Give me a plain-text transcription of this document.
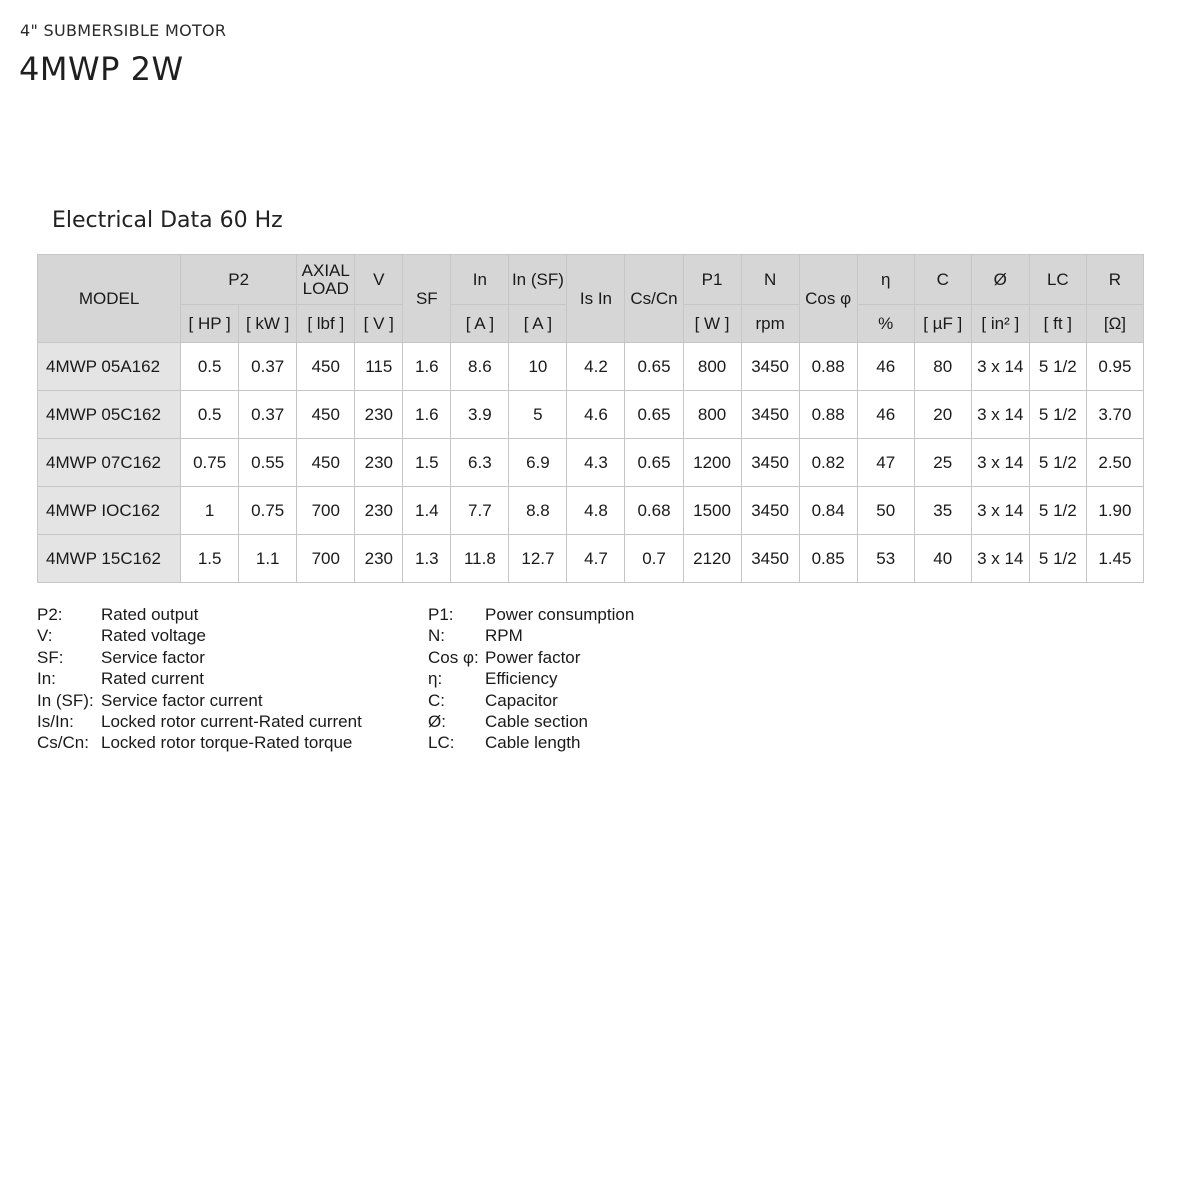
4" SUBMERSIBLE MOTOR
4MWP 2W
Electrical Data 60 Hz
MODEL	P2		AXIAL LOAD	V	SF	In	In (SF)	Is In	Cs/Cn	P1	N	Cos φ	η	C	Ø	LC	R
	[ HP ]	[ kW ]	[ lbf ]	[ V ]		[ A ]	[ A ]			[ W ]	rpm		%	[ µF ]	[ in² ]	[ ft ]	[Ω]
4MWP 05A162	0.5	0.37	450	115	1.6	8.6	10	4.2	0.65	800	3450	0.88	46	80	3 x 14	5 1/2	0.95
4MWP 05C162	0.5	0.37	450	230	1.6	3.9	5	4.6	0.65	800	3450	0.88	46	20	3 x 14	5 1/2	3.70
4MWP 07C162	0.75	0.55	450	230	1.5	6.3	6.9	4.3	0.65	1200	3450	0.82	47	25	3 x 14	5 1/2	2.50
4MWP IOC162	1	0.75	700	230	1.4	7.7	8.8	4.8	0.68	1500	3450	0.84	50	35	3 x 14	5 1/2	1.90
4MWP 15C162	1.5	1.1	700	230	1.3	11.8	12.7	4.7	0.7	2120	3450	0.85	53	40	3 x 14	5 1/2	1.45
P2: Rated output
V:	Rated voltage
SF: Service factor
In:	Rated current
In (SF): Service factor current
Is/In: Locked rotor current-Rated current
Cs/Cn: Locked rotor torque-Rated torque
P1: Power consumption
N: RPM
Cos φ: Power factor
η:	Efficiency
C: Capacitor
Ø: Cable section
LC: Cable length
